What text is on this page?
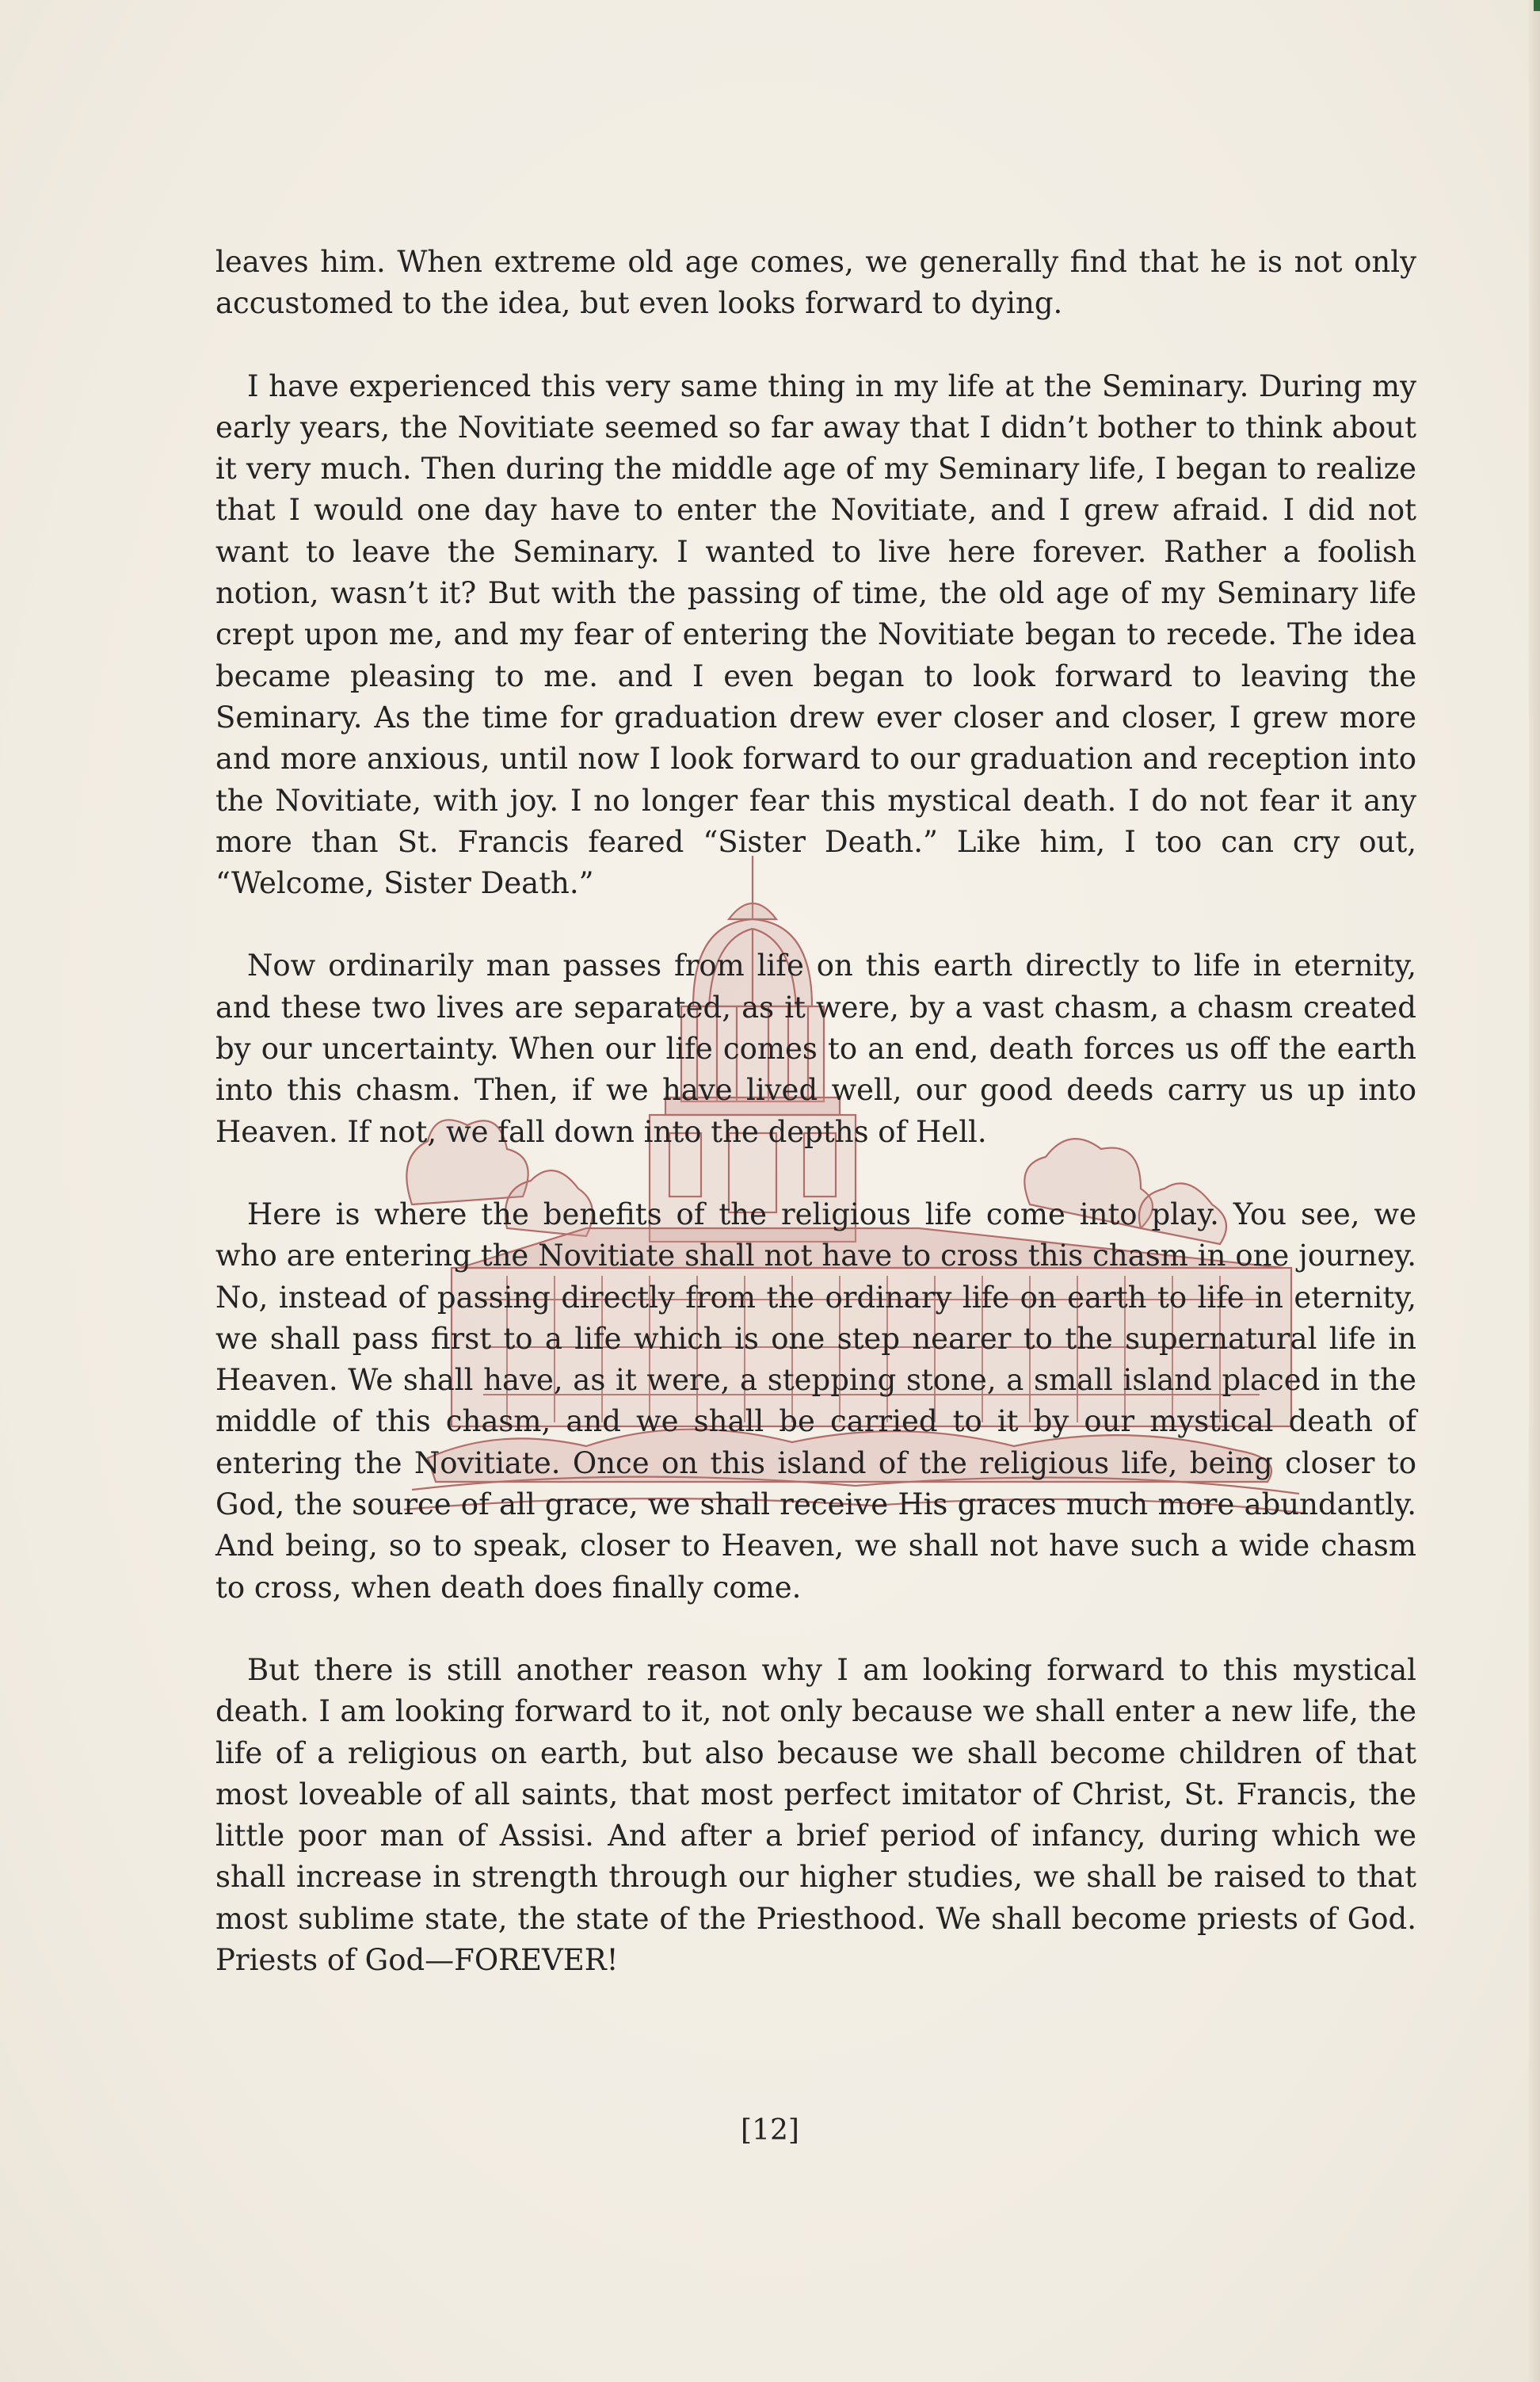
leaves him. When extreme old age comes, we generally find that he is not only accustomed to the idea, but even looks forward to dying.

I have experienced this very same thing in my life at the Seminary. During my early years, the Novitiate seemed so far away that I didn’t bother to think about it very much. Then during the middle age of my Seminary life, I began to realize that I would one day have to enter the Novitiate, and I grew afraid. I did not want to leave the Seminary. I wanted to live here forever. Rather a foolish notion, wasn’t it? But with the passing of time, the old age of my Seminary life crept upon me, and my fear of entering the Novitiate began to recede. The idea became pleasing to me. and I even began to look forward to leaving the Seminary. As the time for graduation drew ever closer and closer, I grew more and more anxious, until now I look forward to our graduation and reception into the Novitiate, with joy. I no longer fear this mystical death. I do not fear it any more than St. Francis feared “Sister Death.” Like him, I too can cry out, “Welcome, Sister Death.”

Now ordinarily man passes from life on this earth directly to life in eternity, and these two lives are separated, as it were, by a vast chasm, a chasm created by our uncertainty. When our life comes to an end, death forces us off the earth into this chasm. Then, if we have lived well, our good deeds carry us up into Heaven. If not, we fall down into the depths of Hell.

Here is where the benefits of the religious life come into play. You see, we who are entering the Novitiate shall not have to cross this chasm in one journey. No, instead of passing directly from the ordinary life on earth to life in eternity, we shall pass first to a life which is one step nearer to the supernatural life in Heaven. We shall have, as it were, a stepping stone, a small island placed in the middle of this chasm, and we shall be carried to it by our mystical death of entering the Novitiate. Once on this island of the religious life, being closer to God, the source of all grace, we shall receive His graces much more abundantly. And being, so to speak, closer to Heaven, we shall not have such a wide chasm to cross, when death does finally come.

But there is still another reason why I am looking forward to this mystical death. I am looking forward to it, not only because we shall enter a new life, the life of a religious on earth, but also because we shall become children of that most loveable of all saints, that most perfect imitator of Christ, St. Francis, the little poor man of Assisi. And after a brief period of infancy, during which we shall increase in strength through our higher studies, we shall be raised to that most sublime state, the state of the Priesthood. We shall become priests of God. Priests of God—FOREVER!

[12]
